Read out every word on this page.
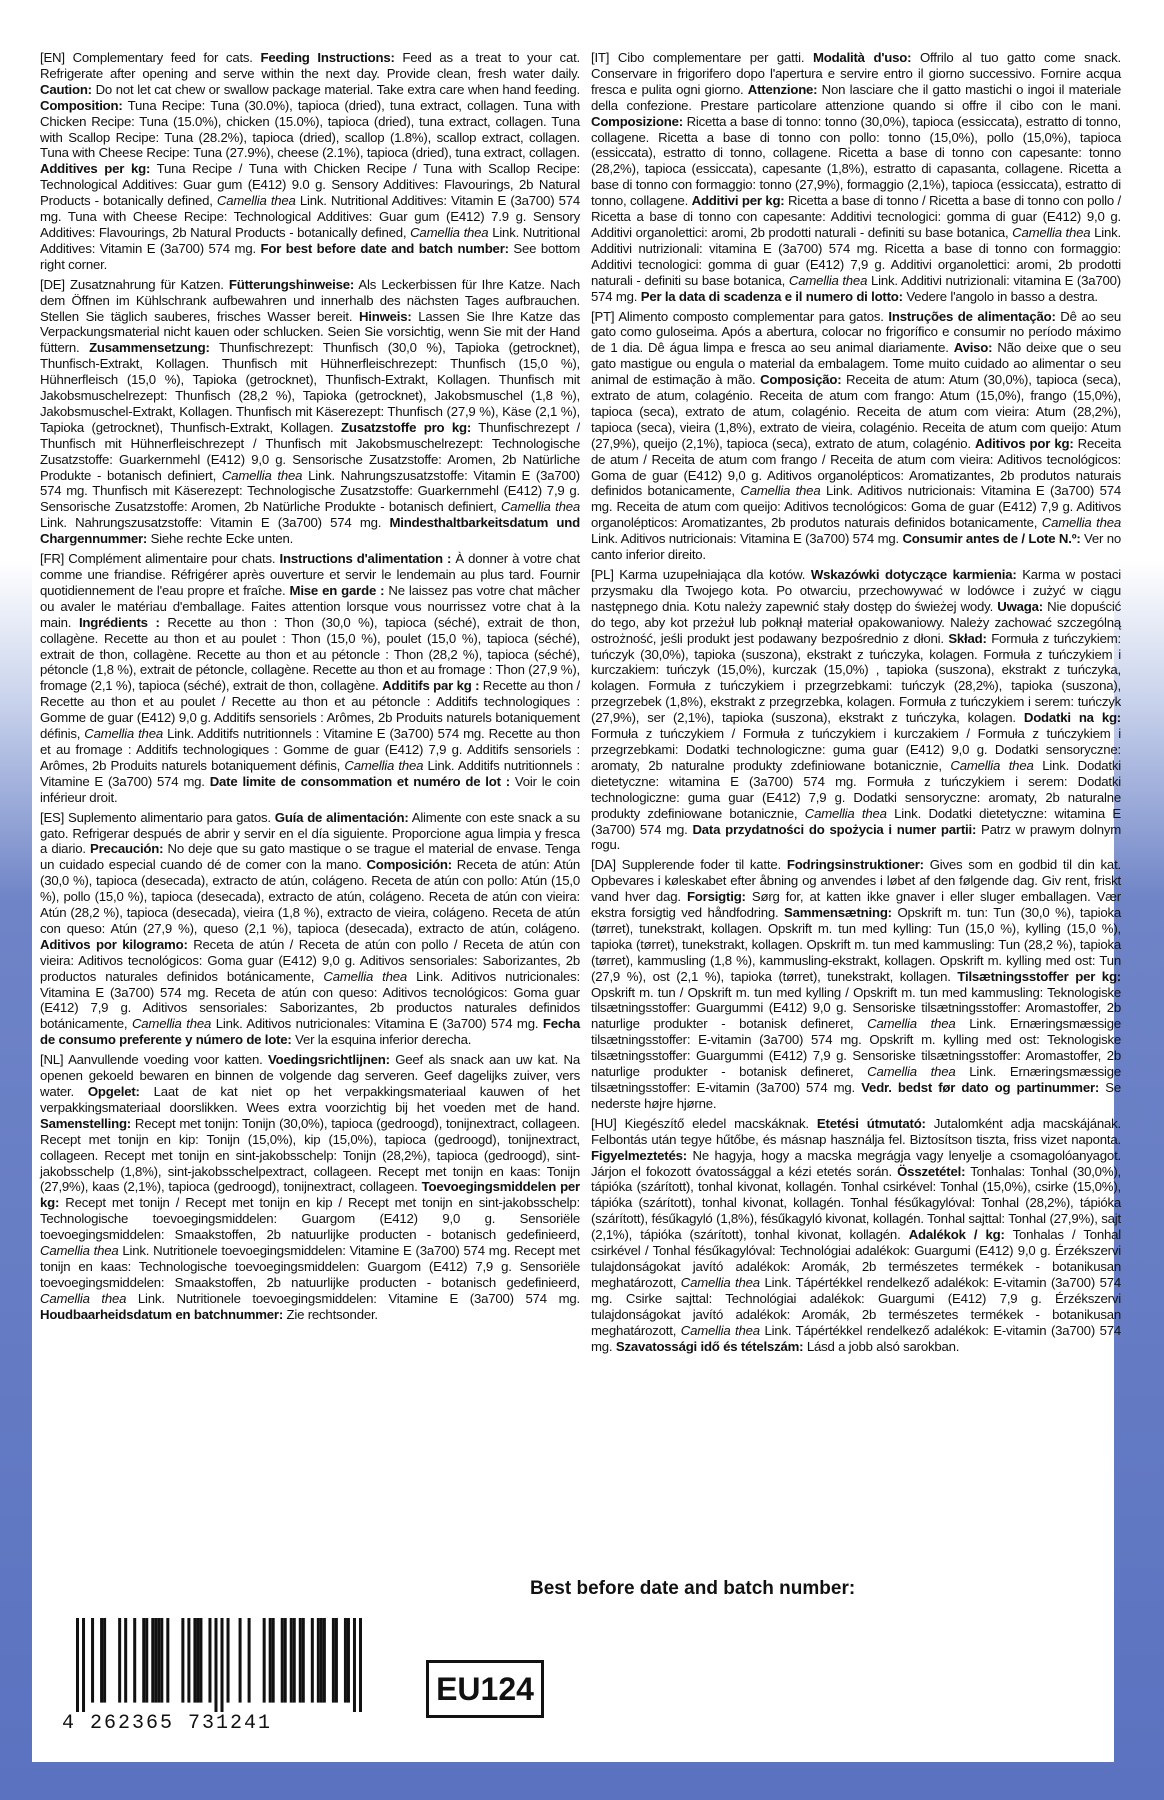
[EN] Complementary feed for cats. Feeding Instructions: Feed as a treat to your cat. Refrigerate after opening and serve within the next day. Provide clean, fresh water daily. Caution: Do not let cat chew or swallow package material. Take extra care when hand feeding. Composition: Tuna Recipe: Tuna (30.0%), tapioca (dried), tuna extract, collagen. Tuna with Chicken Recipe: Tuna (15.0%), chicken (15.0%), tapioca (dried), tuna extract, collagen. Tuna with Scallop Recipe: Tuna (28.2%), tapioca (dried), scallop (1.8%), scallop extract, collagen. Tuna with Cheese Recipe: Tuna (27.9%), cheese (2.1%), tapioca (dried), tuna extract, collagen. Additives per kg: Tuna Recipe / Tuna with Chicken Recipe / Tuna with Scallop Recipe: Technological Additives: Guar gum (E412) 9.0 g. Sensory Additives: Flavourings, 2b Natural Products - botanically defined, Camellia thea Link. Nutritional Additives: Vitamin E (3a700) 574 mg. Tuna with Cheese Recipe: Technological Additives: Guar gum (E412) 7.9 g. Sensory Additives: Flavourings, 2b Natural Products - botanically defined, Camellia thea Link. Nutritional Additives: Vitamin E (3a700) 574 mg. For best before date and batch number: See bottom right corner.
[DE] Zusatznahrung für Katzen. Fütterungshinweise: Als Leckerbissen für Ihre Katze. Nach dem Öffnen im Kühlschrank aufbewahren und innerhalb des nächsten Tages aufbrauchen. Stellen Sie täglich sauberes, frisches Wasser bereit. Hinweis: Lassen Sie Ihre Katze das Verpackungsmaterial nicht kauen oder schlucken. Seien Sie vorsichtig, wenn Sie mit der Hand füttern. Zusammensetzung: Thunfischrezept: Thunfisch (30,0 %), Tapioka (getrocknet), Thunfisch-Extrakt, Kollagen. Thunfisch mit Hühnerfleischrezept: Thunfisch (15,0 %), Hühnerfleisch (15,0 %), Tapioka (getrocknet), Thunfisch-Extrakt, Kollagen. Thunfisch mit Jakobsmuschelrezept: Thunfisch (28,2 %), Tapioka (getrocknet), Jakobsmuschel (1,8 %), Jakobsmuschel-Extrakt, Kollagen. Thunfisch mit Käserezept: Thunfisch (27,9 %), Käse (2,1 %), Tapioka (getrocknet), Thunfisch-Extrakt, Kollagen. Zusatzstoffe pro kg: Thunfischrezept / Thunfisch mit Hühnerfleischrezept / Thunfisch mit Jakobsmuschelrezept: Technologische Zusatzstoffe: Guarkernmehl (E412) 9,0 g. Sensorische Zusatzstoffe: Aromen, 2b Natürliche Produkte - botanisch definiert, Camellia thea Link. Nahrungszusatzstoffe: Vitamin E (3a700) 574 mg. Thunfisch mit Käserezept: Technologische Zusatzstoffe: Guarkernmehl (E412) 7,9 g. Sensorische Zusatzstoffe: Aromen, 2b Natürliche Produkte - botanisch definiert, Camellia thea Link. Nahrungszusatzstoffe: Vitamin E (3a700) 574 mg. Mindesthaltbarkeitsdatum und Chargennummer: Siehe rechte Ecke unten.
[FR] Complément alimentaire pour chats. Instructions d'alimentation : À donner à votre chat comme une friandise. Réfrigérer après ouverture et servir le lendemain au plus tard. Fournir quotidiennement de l'eau propre et fraîche. Mise en garde : Ne laissez pas votre chat mâcher ou avaler le matériau d'emballage. Faites attention lorsque vous nourrissez votre chat à la main. Ingrédients : Recette au thon : Thon (30,0 %), tapioca (séché), extrait de thon, collagène. Recette au thon et au poulet : Thon (15,0 %), poulet (15,0 %), tapioca (séché), extrait de thon, collagène. Recette au thon et au pétoncle : Thon (28,2 %), tapioca (séché), pétoncle (1,8 %), extrait de pétoncle, collagène. Recette au thon et au fromage : Thon (27,9 %), fromage (2,1 %), tapioca (séché), extrait de thon, collagène. Additifs par kg : Recette au thon / Recette au thon et au poulet / Recette au thon et au pétoncle : Additifs technologiques : Gomme de guar (E412) 9,0 g. Additifs sensoriels : Arômes, 2b Produits naturels botaniquement définis, Camellia thea Link. Additifs nutritionnels : Vitamine E (3a700) 574 mg. Recette au thon et au fromage : Additifs technologiques : Gomme de guar (E412) 7,9 g. Additifs sensoriels : Arômes, 2b Produits naturels botaniquement définis, Camellia thea Link. Additifs nutritionnels : Vitamine E (3a700) 574 mg. Date limite de consommation et numéro de lot : Voir le coin inférieur droit.
[ES] Suplemento alimentario para gatos. Guía de alimentación: Alimente con este snack a su gato. Refrigerar después de abrir y servir en el día siguiente. Proporcione agua limpia y fresca a diario. Precaución: No deje que su gato mastique o se trague el material de envase. Tenga un cuidado especial cuando dé de comer con la mano. Composición: Receta de atún: Atún (30,0 %), tapioca (desecada), extracto de atún, colágeno. Receta de atún con pollo: Atún (15,0 %), pollo (15,0 %), tapioca (desecada), extracto de atún, colágeno. Receta de atún con vieira: Atún (28,2 %), tapioca (desecada), vieira (1,8 %), extracto de vieira, colágeno. Receta de atún con queso: Atún (27,9 %), queso (2,1 %), tapioca (desecada), extracto de atún, colágeno. Aditivos por kilogramo: Receta de atún / Receta de atún con pollo / Receta de atún con vieira: Aditivos tecnológicos: Goma guar (E412) 9,0 g. Aditivos sensoriales: Saborizantes, 2b productos naturales definidos botánicamente, Camellia thea Link. Aditivos nutricionales: Vitamina E (3a700) 574 mg. Receta de atún con queso: Aditivos tecnológicos: Goma guar (E412) 7,9 g. Aditivos sensoriales: Saborizantes, 2b productos naturales definidos botánicamente, Camellia thea Link. Aditivos nutricionales: Vitamina E (3a700) 574 mg. Fecha de consumo preferente y número de lote: Ver la esquina inferior derecha.
[NL] Aanvullende voeding voor katten. Voedingsrichtlijnen: Geef als snack aan uw kat. Na openen gekoeld bewaren en binnen de volgende dag serveren. Geef dagelijks zuiver, vers water. Opgelet: Laat de kat niet op het verpakkingsmateriaal kauwen of het verpakkingsmateriaal doorslikken. Wees extra voorzichtig bij het voeden met de hand. Samenstelling: Recept met tonijn: Tonijn (30,0%), tapioca (gedroogd), tonijnextract, collageen. Recept met tonijn en kip: Tonijn (15,0%), kip (15,0%), tapioca (gedroogd), tonijnextract, collageen. Recept met tonijn en sint-jakobsschelp: Tonijn (28,2%), tapioca (gedroogd), sint-jakobsschelp (1,8%), sint-jakobsschelpextract, collageen. Recept met tonijn en kaas: Tonijn (27,9%), kaas (2,1%), tapioca (gedroogd), tonijnextract, collageen. Toevoegingsmiddelen per kg: Recept met tonijn / Recept met tonijn en kip / Recept met tonijn en sint-jakobsschelp: Technologische toevoegingsmiddelen: Guargom (E412) 9,0 g. Sensoriële toevoegingsmiddelen: Smaakstoffen, 2b natuurlijke producten - botanisch gedefinieerd, Camellia thea Link. Nutritionele toevoegingsmiddelen: Vitamine E (3a700) 574 mg. Recept met tonijn en kaas: Technologische toevoegingsmiddelen: Guargom (E412) 7,9 g. Sensoriële toevoegingsmiddelen: Smaakstoffen, 2b natuurlijke producten - botanisch gedefinieerd, Camellia thea Link. Nutritionele toevoegingsmiddelen: Vitamine E (3a700) 574 mg. Houdbaarheidsdatum en batchnummer: Zie rechtsonder.
[IT] Cibo complementare per gatti. Modalità d'uso: Offrilo al tuo gatto come snack. Conservare in frigorifero dopo l'apertura e servire entro il giorno successivo. Fornire acqua fresca e pulita ogni giorno. Attenzione: Non lasciare che il gatto mastichi o ingoi il materiale della confezione. Prestare particolare attenzione quando si offre il cibo con le mani. Composizione: Ricetta a base di tonno: tonno (30,0%), tapioca (essiccata), estratto di tonno, collagene. Ricetta a base di tonno con pollo: tonno (15,0%), pollo (15,0%), tapioca (essiccata), estratto di tonno, collagene. Ricetta a base di tonno con capesante: tonno (28,2%), tapioca (essiccata), capesante (1,8%), estratto di capasanta, collagene. Ricetta a base di tonno con formaggio: tonno (27,9%), formaggio (2,1%), tapioca (essiccata), estratto di tonno, collagene. Additivi per kg: Ricetta a base di tonno / Ricetta a base di tonno con pollo / Ricetta a base di tonno con capesante: Additivi tecnologici: gomma di guar (E412) 9,0 g. Additivi organolettici: aromi, 2b prodotti naturali - definiti su base botanica, Camellia thea Link. Additivi nutrizionali: vitamina E (3a700) 574 mg. Ricetta a base di tonno con formaggio: Additivi tecnologici: gomma di guar (E412) 7,9 g. Additivi organolettici: aromi, 2b prodotti naturali - definiti su base botanica, Camellia thea Link. Additivi nutrizionali: vitamina E (3a700) 574 mg. Per la data di scadenza e il numero di lotto: Vedere l'angolo in basso a destra.
[PT] Alimento composto complementar para gatos. Instruções de alimentação: Dê ao seu gato como guloseima. Após a abertura, colocar no frigorífico e consumir no período máximo de 1 dia. Dê água limpa e fresca ao seu animal diariamente. Aviso: Não deixe que o seu gato mastigue ou engula o material da embalagem. Tome muito cuidado ao alimentar o seu animal de estimação à mão. Composição: Receita de atum: Atum (30,0%), tapioca (seca), extrato de atum, colagénio. Receita de atum com frango: Atum (15,0%), frango (15,0%), tapioca (seca), extrato de atum, colagénio. Receita de atum com vieira: Atum (28,2%), tapioca (seca), vieira (1,8%), extrato de vieira, colagénio. Receita de atum com queijo: Atum (27,9%), queijo (2,1%), tapioca (seca), extrato de atum, colagénio. Aditivos por kg: Receita de atum / Receita de atum com frango / Receita de atum com vieira: Aditivos tecnológicos: Goma de guar (E412) 9,0 g. Aditivos organolépticos: Aromatizantes, 2b produtos naturais definidos botanicamente, Camellia thea Link. Aditivos nutricionais: Vitamina E (3a700) 574 mg. Receita de atum com queijo: Aditivos tecnológicos: Goma de guar (E412) 7,9 g. Aditivos organolépticos: Aromatizantes, 2b produtos naturais definidos botanicamente, Camellia thea Link. Aditivos nutricionais: Vitamina E (3a700) 574 mg. Consumir antes de / Lote N.º: Ver no canto inferior direito.
[PL] Karma uzupełniająca dla kotów. Wskazówki dotyczące karmienia: Karma w postaci przysmaku dla Twojego kota. Po otwarciu, przechowywać w lodówce i zużyć w ciągu następnego dnia. Kotu należy zapewnić stały dostęp do świeżej wody. Uwaga: Nie dopuścić do tego, aby kot przeżuł lub połknął materiał opakowaniowy. Należy zachować szczególną ostrożność, jeśli produkt jest podawany bezpośrednio z dłoni. Skład: Formuła z tuńczykiem: tuńczyk (30,0%), tapioka (suszona), ekstrakt z tuńczyka, kolagen. Formuła z tuńczykiem i kurczakiem: tuńczyk (15,0%), kurczak (15,0%) , tapioka (suszona), ekstrakt z tuńczyka, kolagen. Formuła z tuńczykiem i przegrzebkami: tuńczyk (28,2%), tapioka (suszona), przegrzebek (1,8%), ekstrakt z przegrzebka, kolagen. Formuła z tuńczykiem i serem: tuńczyk (27,9%), ser (2,1%), tapioka (suszona), ekstrakt z tuńczyka, kolagen. Dodatki na kg: Formuła z tuńczykiem / Formuła z tuńczykiem i kurczakiem / Formuła z tuńczykiem i przegrzebkami: Dodatki technologiczne: guma guar (E412) 9,0 g. Dodatki sensoryczne: aromaty, 2b naturalne produkty zdefiniowane botanicznie, Camellia thea Link. Dodatki dietetyczne: witamina E (3a700) 574 mg. Formuła z tuńczykiem i serem: Dodatki technologiczne: guma guar (E412) 7,9 g. Dodatki sensoryczne: aromaty, 2b naturalne produkty zdefiniowane botanicznie, Camellia thea Link. Dodatki dietetyczne: witamina E (3a700) 574 mg. Data przydatności do spożycia i numer partii: Patrz w prawym dolnym rogu.
[DA] Supplerende foder til katte. Fodringsinstruktioner: Gives som en godbid til din kat. Opbevares i køleskabet efter åbning og anvendes i løbet af den følgende dag. Giv rent, friskt vand hver dag. Forsigtig: Sørg for, at katten ikke gnaver i eller sluger emballagen. Vær ekstra forsigtig ved håndfodring. Sammensætning: Opskrift m. tun: Tun (30,0 %), tapioka (tørret), tunekstrakt, kollagen. Opskrift m. tun med kylling: Tun (15,0 %), kylling (15,0 %), tapioka (tørret), tunekstrakt, kollagen. Opskrift m. tun med kammusling: Tun (28,2 %), tapioka (tørret), kammusling (1,8 %), kammusling-ekstrakt, kollagen. Opskrift m. kylling med ost: Tun (27,9 %), ost (2,1 %), tapioka (tørret), tunekstrakt, kollagen. Tilsætningsstoffer per kg: Opskrift m. tun / Opskrift m. tun med kylling / Opskrift m. tun med kammusling: Teknologiske tilsætningsstoffer: Guargummi (E412) 9,0 g. Sensoriske tilsætningsstoffer: Aromastoffer, 2b naturlige produkter - botanisk defineret, Camellia thea Link. Ernæringsmæssige tilsætningsstoffer: E-vitamin (3a700) 574 mg. Opskrift m. kylling med ost: Teknologiske tilsætningsstoffer: Guargummi (E412) 7,9 g. Sensoriske tilsætningsstoffer: Aromastoffer, 2b naturlige produkter - botanisk defineret, Camellia thea Link. Ernæringsmæssige tilsætningsstoffer: E-vitamin (3a700) 574 mg. Vedr. bedst før dato og partinummer: Se nederste højre hjørne.
[HU] Kiegészítő eledel macskáknak. Etetési útmutató: Jutalomként adja macskájának. Felbontás után tegye hűtőbe, és másnap használja fel. Biztosítson tiszta, friss vizet naponta. Figyelmeztetés: Ne hagyja, hogy a macska megrágja vagy lenyelje a csomagolóanyagot. Járjon el fokozott óvatossággal a kézi etetés során. Összetétel: Tonhalas: Tonhal (30,0%), tápióka (szárított), tonhal kivonat, kollagén. Tonhal csirkével: Tonhal (15,0%), csirke (15,0%), tápióka (szárított), tonhal kivonat, kollagén. Tonhal fésűkagylóval: Tonhal (28,2%), tápióka (szárított), fésűkagyló (1,8%), fésűkagyló kivonat, kollagén. Tonhal sajttal: Tonhal (27,9%), sajt (2,1%), tápióka (szárított), tonhal kivonat, kollagén. Adalékok / kg: Tonhalas / Tonhal csirkével / Tonhal fésűkagylóval: Technológiai adalékok: Guargumi (E412) 9,0 g. Érzékszervi tulajdonságokat javító adalékok: Aromák, 2b természetes termékek - botanikusan meghatározott, Camellia thea Link. Tápértékkel rendelkező adalékok: E-vitamin (3a700) 574 mg. Csirke sajttal: Technológiai adalékok: Guargumi (E412) 7,9 g. Érzékszervi tulajdonságokat javító adalékok: Aromák, 2b természetes termékek - botanikusan meghatározott, Camellia thea Link. Tápértékkel rendelkező adalékok: E-vitamin (3a700) 574 mg. Szavatossági idő és tételszám: Lásd a jobb alsó sarokban.
Best before date and batch number:
4 262365 731241
EU124
